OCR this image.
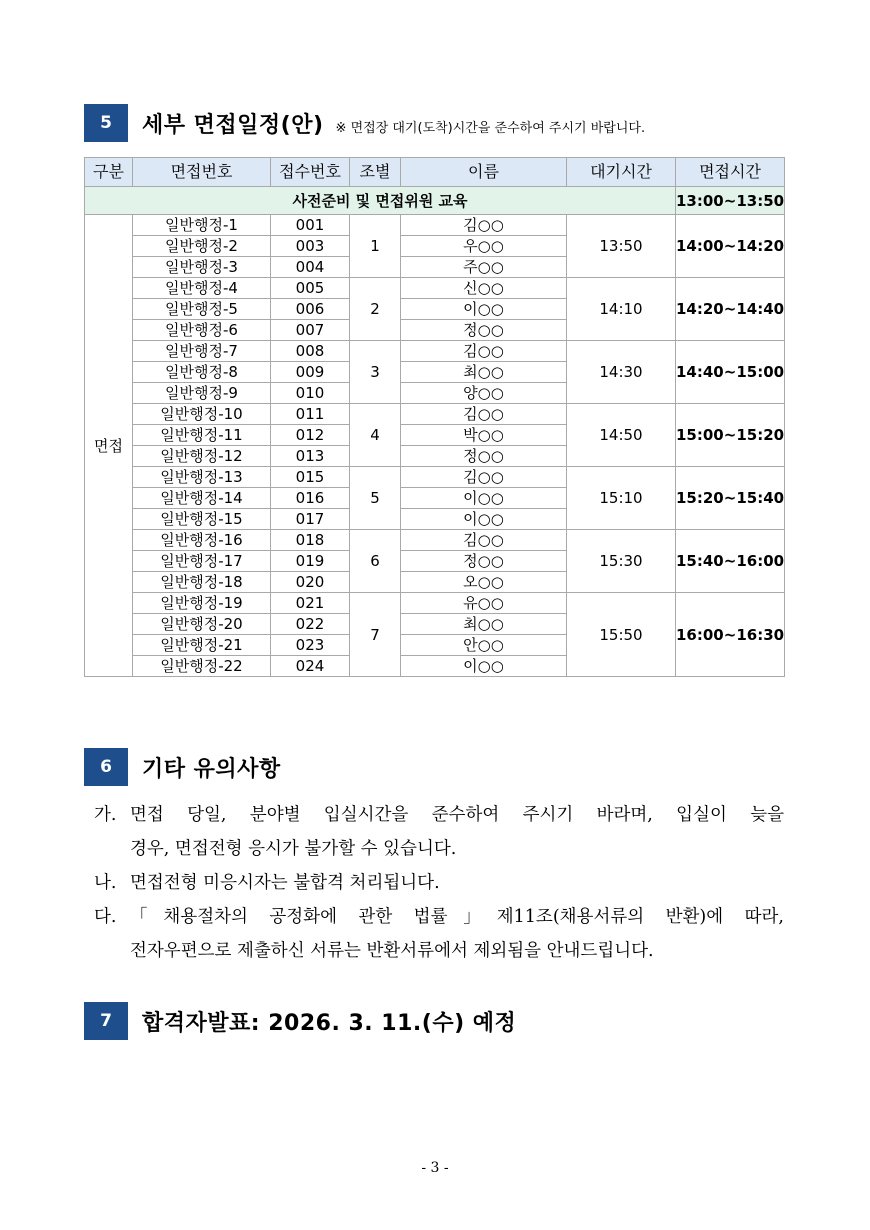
5	세부 면접일정(안) ※ 면접장 대기(도착)시간을 준수하여 주시기 바랍니다.
구분	면접번호	접수번호	조별	이름	대기시간	면접시간
사전준비 및 면접위원 교육						13:00~13:50
면접	일반행정-1	001	1	김○○	13:50	14:00~14:20
	일반행정-2	003		우○○		
	일반행정-3	004		주○○		
	일반행정-4	005	2	신○○	14:10	14:20~14:40
	일반행정-5	006		이○○		
	일반행정-6	007		정○○		
	일반행정-7	008	3	김○○	14:30	14:40~15:00
	일반행정-8	009		최○○		
	일반행정-9	010		양○○		
	일반행정-10	011	4	김○○	14:50	15:00~15:20
	일반행정-11	012		박○○		
	일반행정-12	013		정○○		
	일반행정-13	015	5	김○○	15:10	15:20~15:40
	일반행정-14	016		이○○		
	일반행정-15	017		이○○		
	일반행정-16	018	6	김○○	15:30	15:40~16:00
	일반행정-17	019		정○○		
	일반행정-18	020		오○○		
	일반행정-19	021	7	유○○	15:50	16:00~16:30
	일반행정-20	022		최○○		
	일반행정-21	023		안○○		
	일반행정-22	024		이○○		
6	기타 유의사항
가. 면접 당일, 분야별 입실시간을 준수하여 주시기 바라며, 입실이 늦을
경우, 면접전형 응시가 불가할 수 있습니다.
나. 면접전형 미응시자는 불합격 처리됩니다.
다. 「채용절차의 공정화에 관한 법률」제11조(채용서류의 반환)에 따라,
전자우편으로 제출하신 서류는 반환서류에서 제외됨을 안내드립니다.
7	합격자발표: 2026. 3. 11.(수) 예정
- 3 -
